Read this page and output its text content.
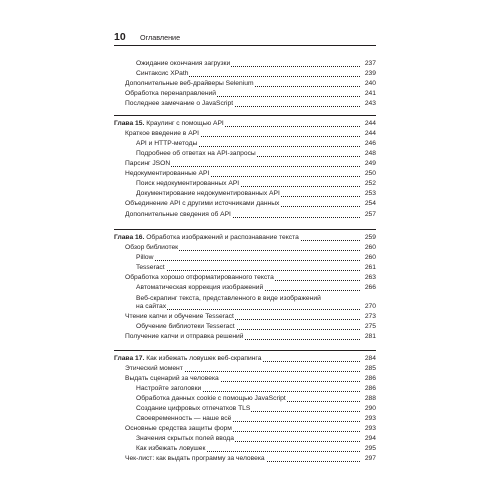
10 Оглавление
Ожидание окончания загрузки	237
Синтаксис XPath	239
Дополнительные веб-драйверы Selenium	240
Обработка перенаправлений	241
Последнее замечание о JavaScript	243
Глава 15. Краулинг с помощью API	244
Краткое введение в API	244
API и HTTP-методы	246
Подробнее об ответах на API-запросы	248
Парсинг JSON	249
Недокументированные API	250
Поиск недокументированных API	252
Документирование недокументированных API	253
Объединение API с другими источниками данных	254
Дополнительные сведения об API	257
Глава 16. Обработка изображений и распознавание текста	259
Обзор библиотек	260
Pillow	260
Tesseract	261
Обработка хорошо отформатированного текста	263
Автоматическая коррекция изображений	266
Веб-скрапинг текста, представленного в виде изображений
на сайтах	270
Чтение капчи и обучение Tesseract	273
Обучение библиотеки Tesseract	275
Получение капчи и отправка решений	281
Глава 17. Как избежать ловушек веб-скрапинга	284
Этический момент	285
Выдать сценарий за человека	286
Настройте заголовки	286
Обработка данных cookie с помощью JavaScript	288
Создание цифровых отпечатков TLS	290
Своевременность — наше всё	293
Основные средства защиты форм	293
Значения скрытых полей ввода	294
Как избежать ловушек	295
Чек-лист: как выдать программу за человека	297
